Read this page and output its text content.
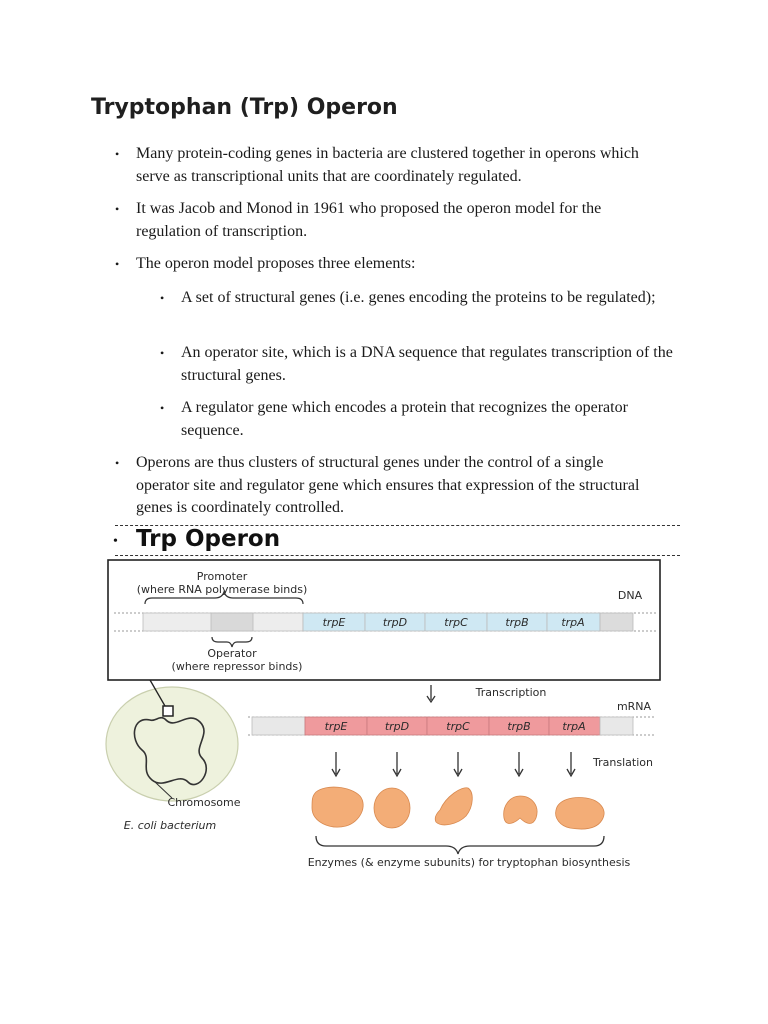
Tryptophan (Trp) Operon
• Many protein-coding genes in bacteria are clustered together in operons which serve as transcriptional units that are coordinately regulated.
• It was Jacob and Monod in 1961 who proposed the operon model for the regulation of transcription.
• The operon model proposes three elements:
• A set of structural genes (i.e. genes encoding the proteins to be regulated);
• An operator site, which is a DNA sequence that regulates transcription of the structural genes.
• A regulator gene which encodes a protein that recognizes the operator sequence.
• Operons are thus clusters of structural genes under the control of a single operator site and regulator gene which ensures that expression of the structural genes is coordinately controlled.
• Trp Operon
Promoter
(where RNA polymerase binds)
trpE	trpD	trpC	trpB	trpA
DNA
Operator
(where repressor binds)
Chromosome
E. coli bacterium
Transcription
mRNA
trpE	trpD	trpC	trpB	trpA
Translation
Enzymes (& enzyme subunits) for tryptophan biosynthesis
